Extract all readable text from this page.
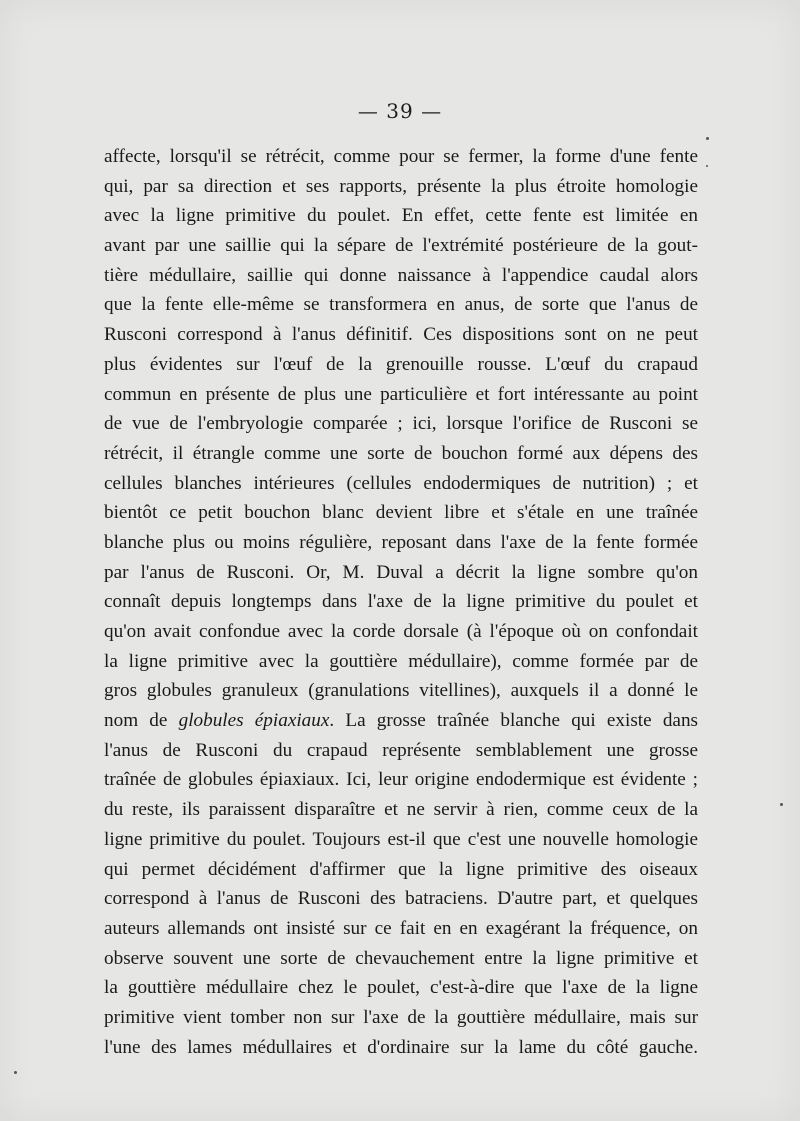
— 39 —
affecte, lorsqu'il se rétrécit, comme pour se fermer, la forme d'une fente
qui, par sa direction et ses rapports, présente la plus étroite homologie
avec la ligne primitive du poulet. En effet, cette fente est limitée en
avant par une saillie qui la sépare de l'extrémité postérieure de la gout-
tière médullaire, saillie qui donne naissance à l'appendice caudal alors
que la fente elle-même se transformera en anus, de sorte que l'anus de
Rusconi correspond à l'anus définitif. Ces dispositions sont on ne peut
plus évidentes sur l'œuf de la grenouille rousse. L'œuf du crapaud
commun en présente de plus une particulière et fort intéressante au point
de vue de l'embryologie comparée ; ici, lorsque l'orifice de Rusconi se
rétrécit, il étrangle comme une sorte de bouchon formé aux dépens des
cellules blanches intérieures (cellules endodermiques de nutrition) ; et
bientôt ce petit bouchon blanc devient libre et s'étale en une traînée
blanche plus ou moins régulière, reposant dans l'axe de la fente formée
par l'anus de Rusconi. Or, M. Duval a décrit la ligne sombre qu'on
connaît depuis longtemps dans l'axe de la ligne primitive du poulet et
qu'on avait confondue avec la corde dorsale (à l'époque où on confondait
la ligne primitive avec la gouttière médullaire), comme formée par de
gros globules granuleux (granulations vitellines), auxquels il a donné le
nom de globules épiaxiaux. La grosse traînée blanche qui existe dans
l'anus de Rusconi du crapaud représente semblablement une grosse
traînée de globules épiaxiaux. Ici, leur origine endodermique est évidente ;
du reste, ils paraissent disparaître et ne servir à rien, comme ceux de la
ligne primitive du poulet. Toujours est-il que c'est une nouvelle homologie
qui permet décidément d'affirmer que la ligne primitive des oiseaux
correspond à l'anus de Rusconi des batraciens. D'autre part, et quelques
auteurs allemands ont insisté sur ce fait en en exagérant la fréquence, on
observe souvent une sorte de chevauchement entre la ligne primitive et
la gouttière médullaire chez le poulet, c'est-à-dire que l'axe de la ligne
primitive vient tomber non sur l'axe de la gouttière médullaire, mais sur
l'une des lames médullaires et d'ordinaire sur la lame du côté gauche.
